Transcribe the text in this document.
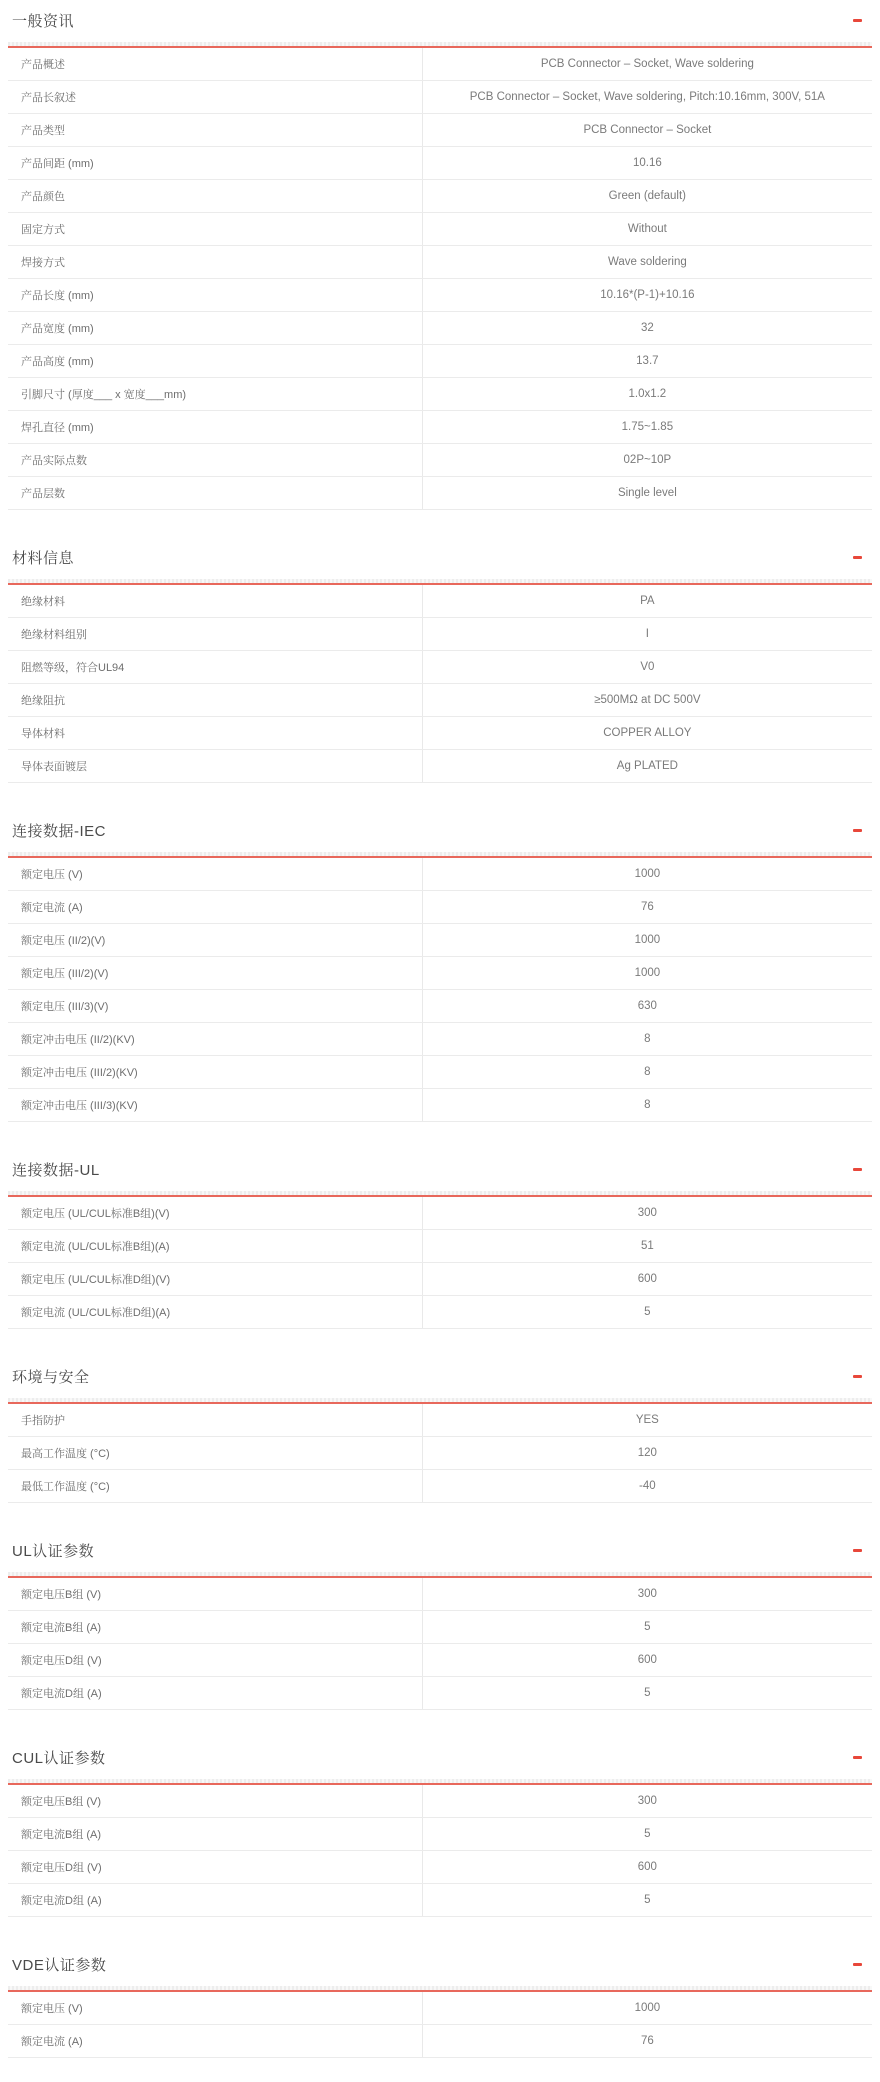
一般资讯
产品概述	PCB Connector – Socket, Wave soldering
产品长叙述	PCB Connector – Socket, Wave soldering, Pitch:10.16mm, 300V, 51A
产品类型	PCB Connector – Socket
产品间距 (mm)	10.16
产品颜色	Green (default)
固定方式	Without
焊接方式	Wave soldering
产品长度 (mm)	10.16*(P-1)+10.16
产品宽度 (mm)	32
产品高度 (mm)	13.7
引脚尺寸 (厚度___ x 宽度___mm)	1.0x1.2
焊孔直径 (mm)	1.75~1.85
产品实际点数	02P~10P
产品层数	Single level
材料信息
绝缘材料	PA
绝缘材料组别	I
阻燃等级，符合UL94	V0
绝缘阻抗	≥500MΩ at DC 500V
导体材料	COPPER ALLOY
导体表面镀层	Ag PLATED
连接数据-IEC
额定电压 (V)	1000
额定电流 (A)	76
额定电压 (II/2)(V)	1000
额定电压 (III/2)(V)	1000
额定电压 (III/3)(V)	630
额定冲击电压 (II/2)(KV)	8
额定冲击电压 (III/2)(KV)	8
额定冲击电压 (III/3)(KV)	8
连接数据-UL
额定电压 (UL/CUL标准B组)(V)	300
额定电流 (UL/CUL标准B组)(A)	51
额定电压 (UL/CUL标准D组)(V)	600
额定电流 (UL/CUL标准D组)(A)	5
环境与安全
手指防护	YES
最高工作温度 (°C)	120
最低工作温度 (°C)	-40
UL认证参数
额定电压B组 (V)	300
额定电流B组 (A)	5
额定电压D组 (V)	600
额定电流D组 (A)	5
CUL认证参数
额定电压B组 (V)	300
额定电流B组 (A)	5
额定电压D组 (V)	600
额定电流D组 (A)	5
VDE认证参数
额定电压 (V)	1000
额定电流 (A)	76
